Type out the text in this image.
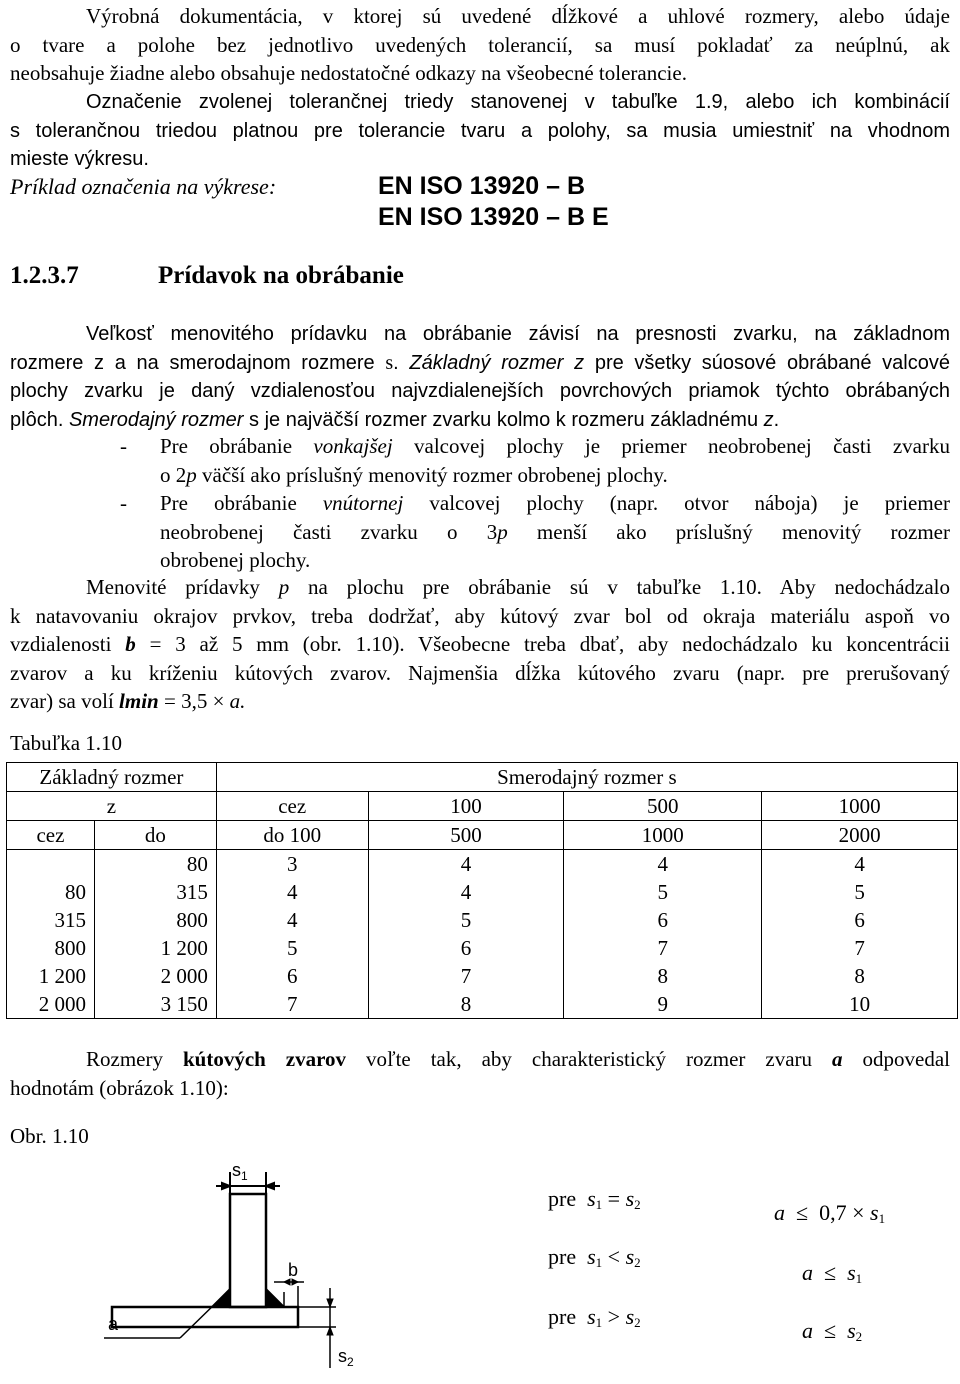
Výrobná dokumentácia, v ktorej sú uvedené dĺžkové a uhlové rozmery, alebo údaje
o tvare a polohe bez jednotlivo uvedených tolerancií, sa musí pokladať za neúplnú, ak
neobsahuje žiadne alebo obsahuje nedostatočné odkazy na všeobecné tolerancie.
Označenie zvolenej tolerančnej triedy stanovenej v tabuľke 1.9, alebo ich kombinácií
s tolerančnou triedou platnou pre tolerancie tvaru a polohy, sa musia umiestniť na vhodnom
mieste výkresu.
Príklad označenia na výkrese:	EN ISO 13920 – B
EN ISO 13920 – B E
1.2.3.7	Prídavok na obrábanie
Veľkosť menovitého prídavku na obrábanie závisí na presnosti zvarku, na základnom
rozmere z a na smerodajnom rozmere s. Základný rozmer z pre všetky súosové obrábané valcové
plochy zvarku je daný vzdialenosťou najvzdialenejších povrchových priamok týchto obrábaných
plôch. Smerodajný rozmer s je najväčší rozmer zvarku kolmo k rozmeru základnému z.
- Pre obrábanie vonkajšej valcovej plochy je priemer neobrobenej časti zvarku
o 2p väčší ako príslušný menovitý rozmer obrobenej plochy.
- Pre obrábanie vnútornej valcovej plochy (napr. otvor nábojа) je priemer
neobrobenej časti zvarku o 3p menší ako príslušný menovitý rozmer
obrobenej plochy.
Menovité prídavky p na plochu pre obrábanie sú v tabuľke 1.10. Aby nedochádzalo
k natavovaniu okrajov prvkov, treba dodržať, aby kútový zvar bol od okraja materiálu aspoň vo
vzdialenosti b = 3 až 5 mm (obr. 1.10). Všeobecne treba dbať, aby nedochádzalo ku koncentrácii
zvarov a ku kríženiu kútových zvarov. Najmenšia dĺžka kútového zvaru (napr. pre prerušovaný
zvar) sa volí lmin = 3,5 × a.
Tabuľka 1.10
Základný rozmer		Smerodajný rozmer s			
z		cez	100	500	1000
cez	do	do 100	500	1000	2000
	80	3	4	4	4
80	315	4	4	5	5
315	800	4	5	6	6
800	1 200	5	6	7	7
1 200	2 000	6	7	8	8
2 000	3 150	7	8	9	10
Rozmery kútových zvarov voľte tak, aby charakteristický rozmer zvaru a odpovedal
hodnotám (obrázok 1.10):
Obr. 1.10
$s_1$
b
a
$s_2$
pre $s_1 = s_2$	$a \le 0,7 \times s_1$
pre $s_1 < s_2$	$a \le s_1$
pre $s_1 > s_2$	$a \le s_2$
